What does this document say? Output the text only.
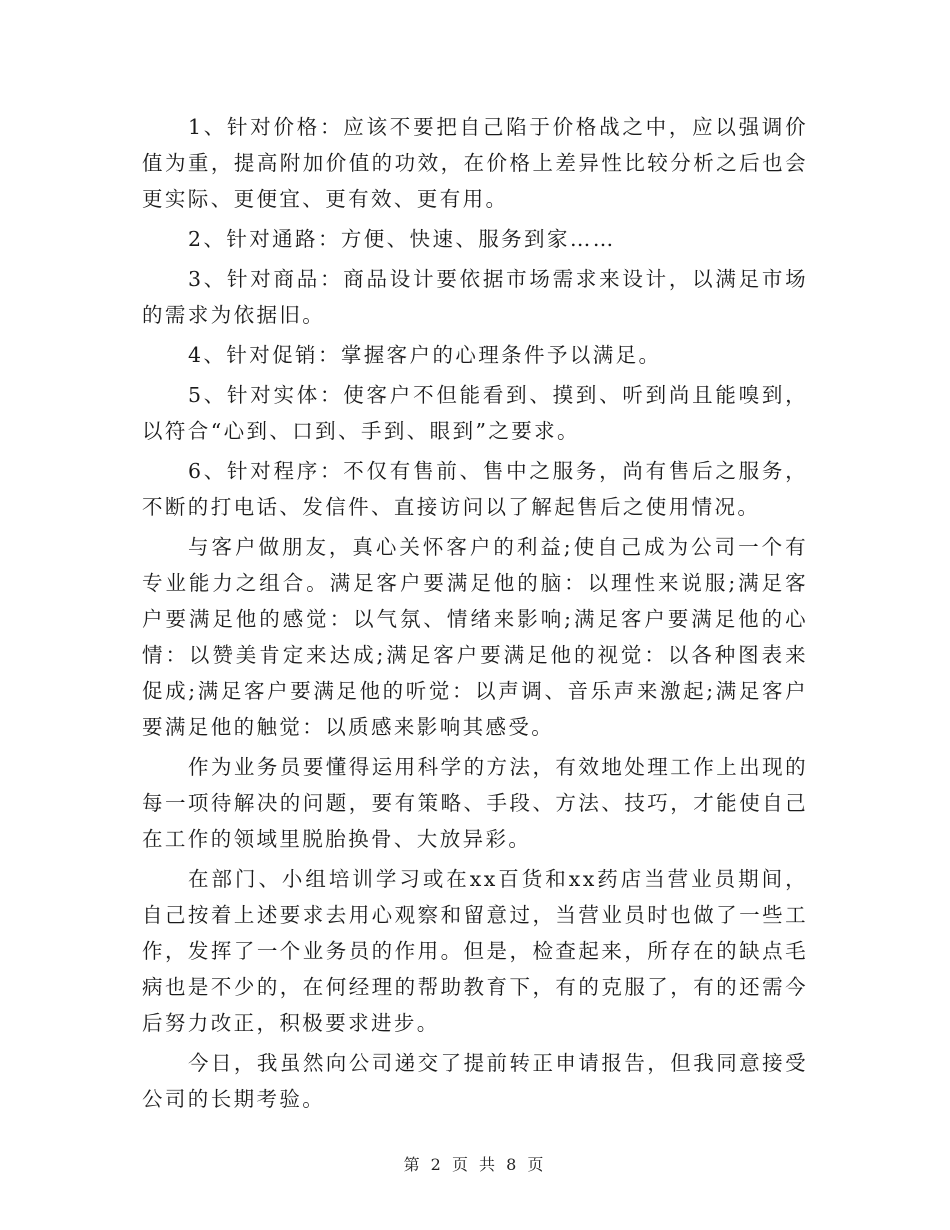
1、针对价格：应该不要把自己陷于价格战之中，应以强调价值为重，提高附加价值的功效，在价格上差异性比较分析之后也会更实际、更便宜、更有效、更有用。

2、针对通路：方便、快速、服务到家……

3、针对商品：商品设计要依据市场需求来设计，以满足市场的需求为依据旧。

4、针对促销：掌握客户的心理条件予以满足。

5、针对实体：使客户不但能看到、摸到、听到尚且能嗅到，以符合“心到、口到、手到、眼到”之要求。

6、针对程序：不仅有售前、售中之服务，尚有售后之服务，不断的打电话、发信件、直接访问以了解起售后之使用情况。

与客户做朋友，真心关怀客户的利益;使自己成为公司一个有专业能力之组合。满足客户要满足他的脑：以理性来说服;满足客户要满足他的感觉：以气氛、情绪来影响;满足客户要满足他的心情：以赞美肯定来达成;满足客户要满足他的视觉：以各种图表来促成;满足客户要满足他的听觉：以声调、音乐声来激起;满足客户要满足他的触觉：以质感来影响其感受。

作为业务员要懂得运用科学的方法，有效地处理工作上出现的每一项待解决的问题，要有策略、手段、方法、技巧，才能使自己在工作的领域里脱胎换骨、大放异彩。

在部门、小组培训学习或在xx百货和xx药店当营业员期间，自己按着上述要求去用心观察和留意过，当营业员时也做了一些工作，发挥了一个业务员的作用。但是，检查起来，所存在的缺点毛病也是不少的，在何经理的帮助教育下，有的克服了，有的还需今后努力改正，积极要求进步。

今日，我虽然向公司递交了提前转正申请报告，但我同意接受公司的长期考验。

第 2 页 共 8 页
